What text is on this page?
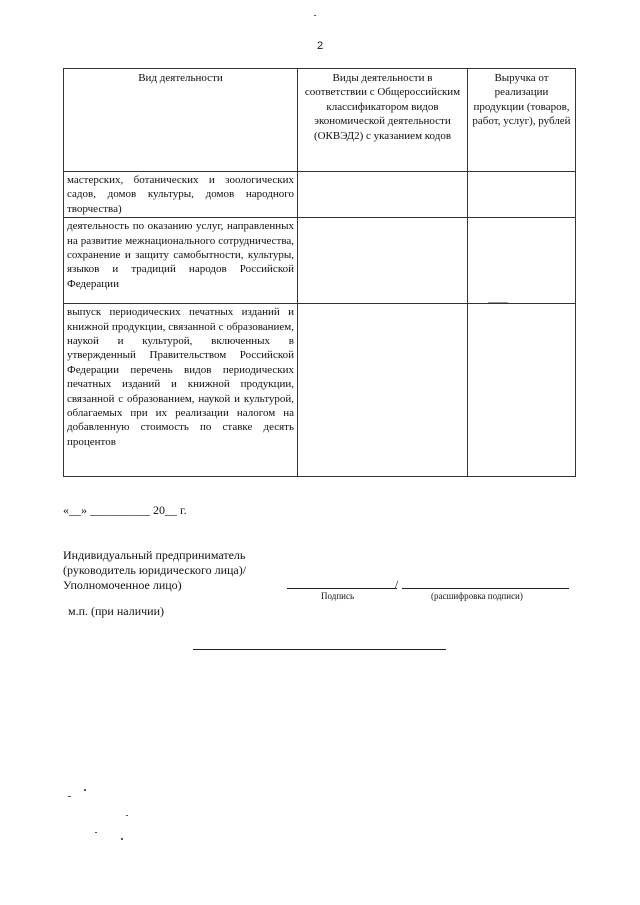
2
Вид деятельности	Виды деятельности в соответствии с Общероссийским классификатором видов экономической деятельности (ОКВЭД2) с указанием кодов	Выручка от реализации продукции (товаров, работ, услуг), рублей
мастерских, ботанических и зоологических садов, домов культуры, домов народного творчества)		
деятельность по оказанию услуг, направленных на развитие межнационального сотрудничества, сохранение и защиту самобытности, культуры, языков и традиций народов Российской Федерации		
выпуск периодических печатных изданий и книжной продукции, связанной с образованием, наукой и культурой, включенных в утвержденный Правительством Российской Федерации перечень видов периодических печатных изданий и книжной продукции, связанной с образованием, наукой и культурой, облагаемых при их реализации налогом на добавленную стоимость по ставке десять процентов		
«__» __________ 20__ г.
Индивидуальный предприниматель
(руководитель юридического лица)/
Уполномоченное лицо)	/
Подпись	(расшифровка подписи)
м.п. (при наличии)
